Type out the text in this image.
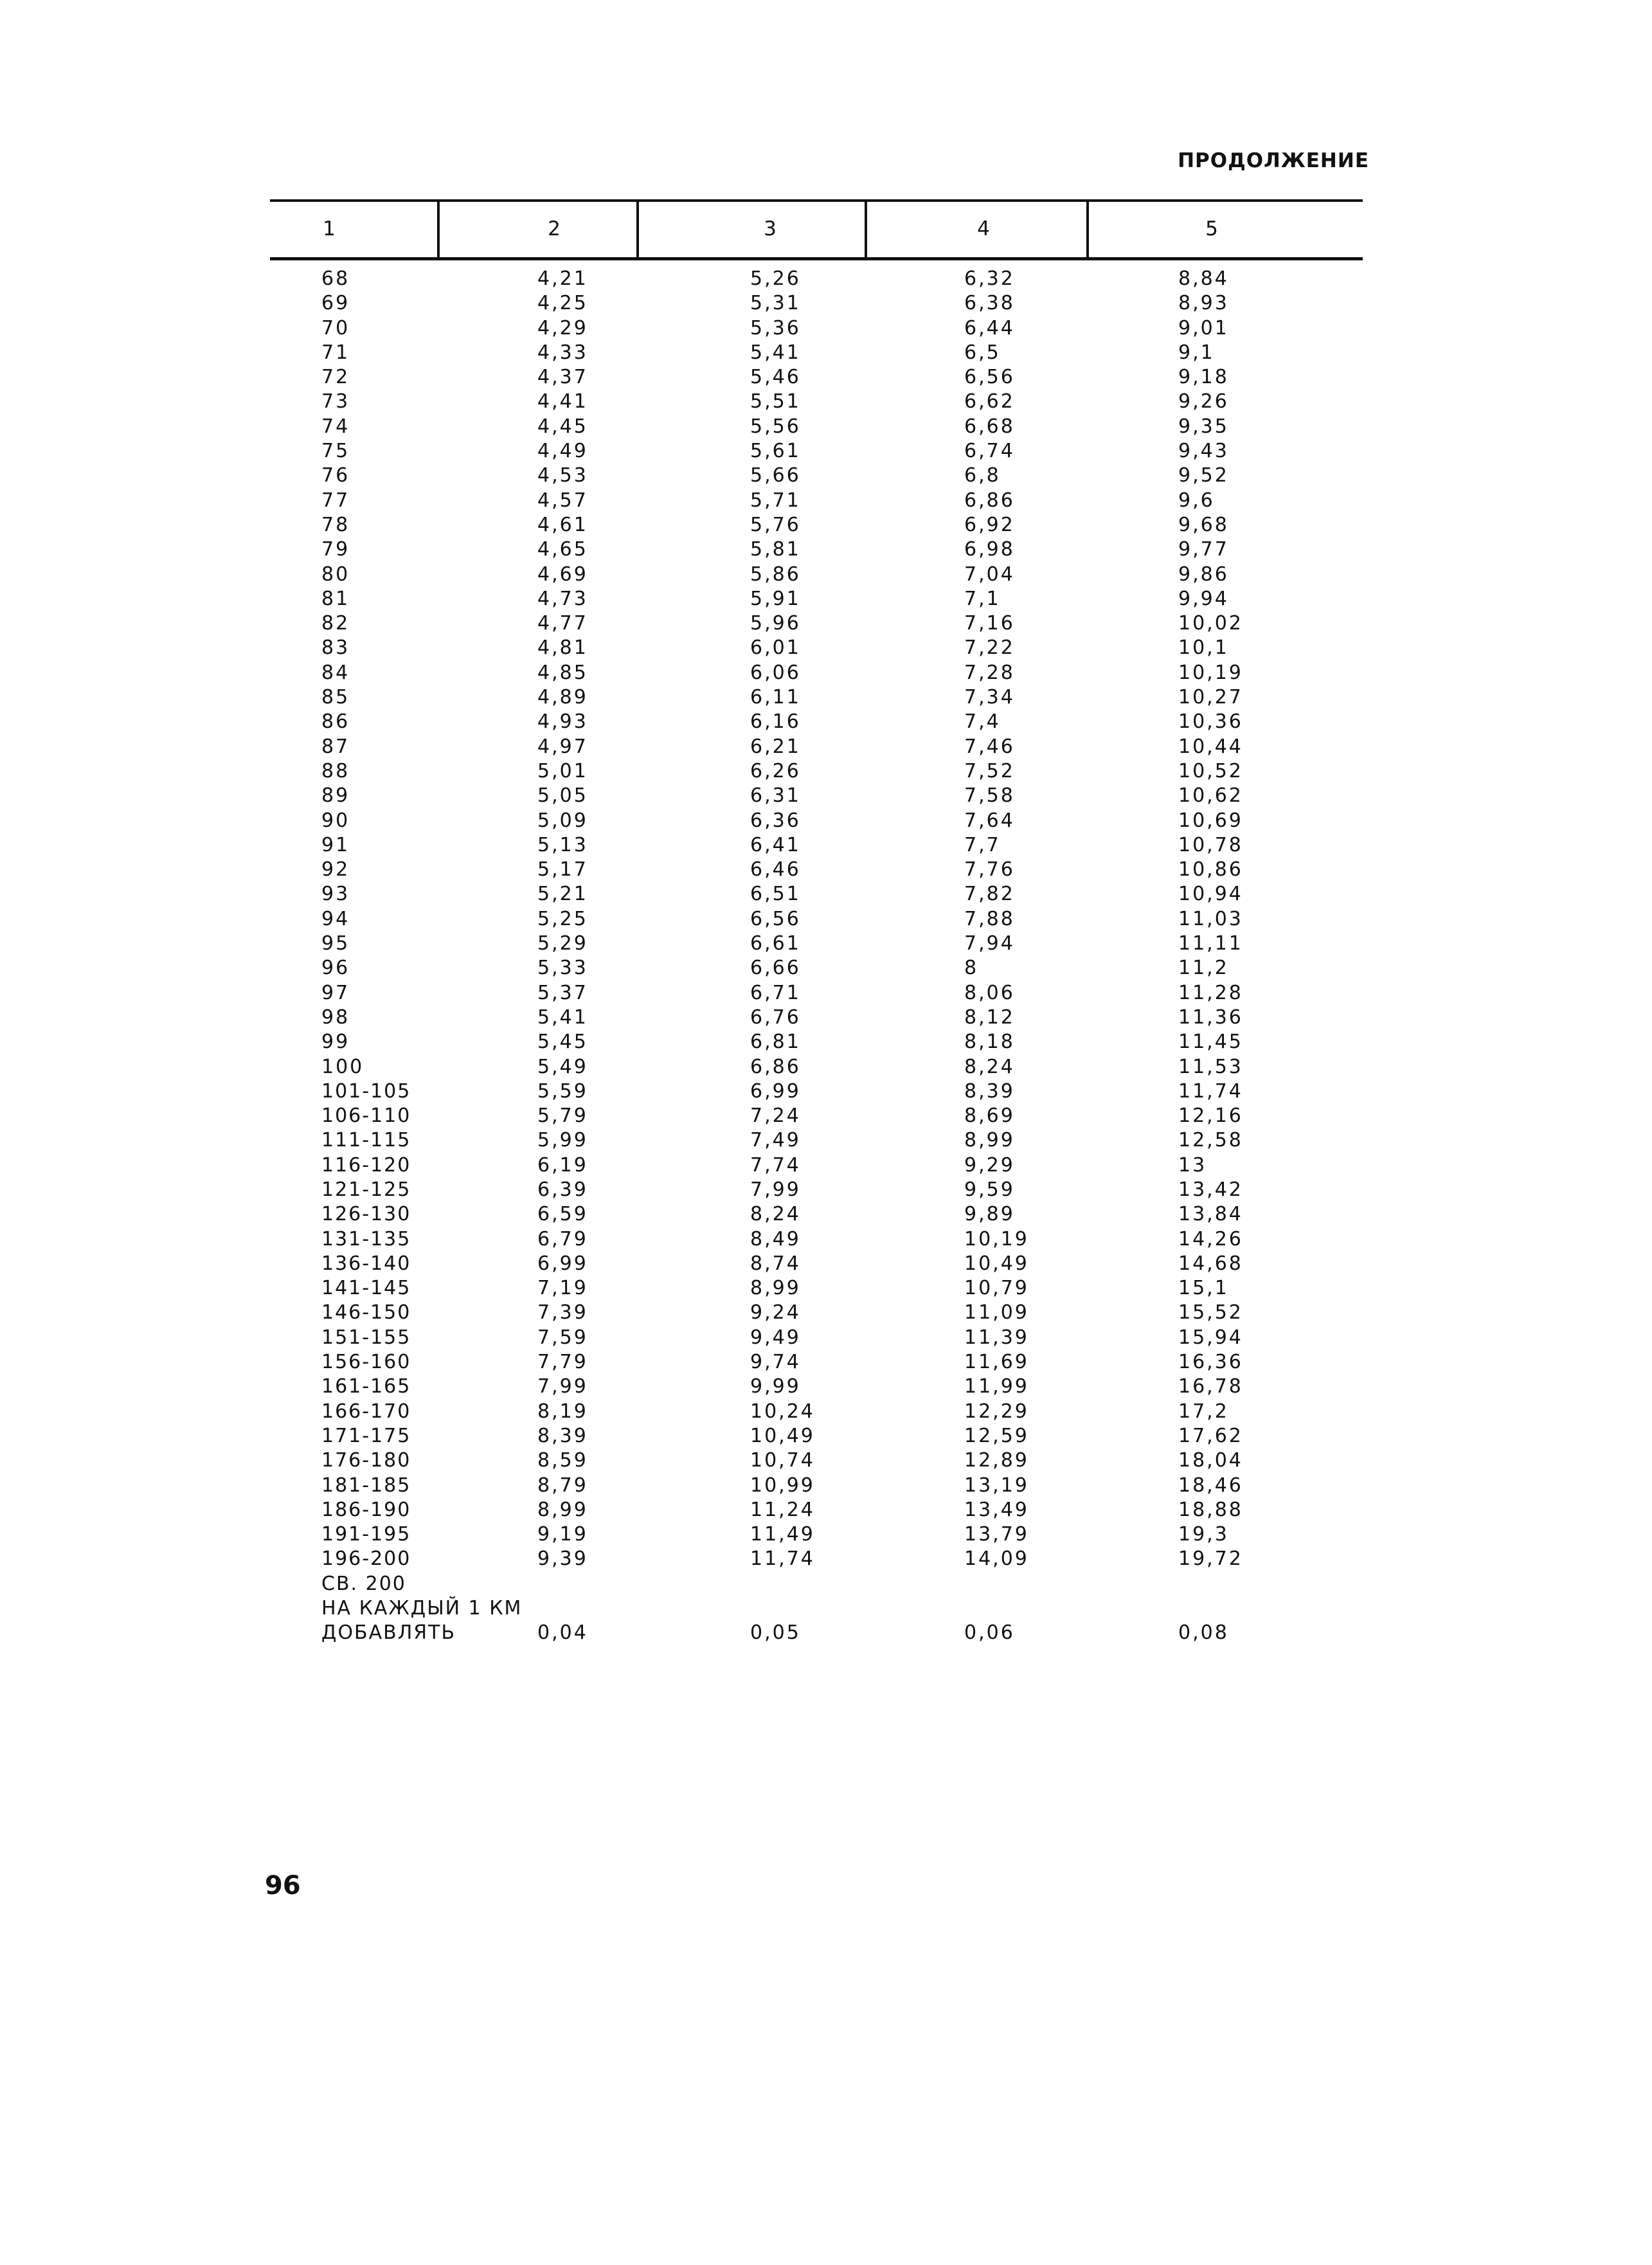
ПРОДОЛЖЕНИЕ
1	2	3	4	5
68	4,21	5,26	6,32	8,84
69	4,25	5,31	6,38	8,93
70	4,29	5,36	6,44	9,01
71	4,33	5,41	6,5	9,1
72	4,37	5,46	6,56	9,18
73	4,41	5,51	6,62	9,26
74	4,45	5,56	6,68	9,35
75	4,49	5,61	6,74	9,43
76	4,53	5,66	6,8	9,52
77	4,57	5,71	6,86	9,6
78	4,61	5,76	6,92	9,68
79	4,65	5,81	6,98	9,77
80	4,69	5,86	7,04	9,86
81	4,73	5,91	7,1	9,94
82	4,77	5,96	7,16	10,02
83	4,81	6,01	7,22	10,1
84	4,85	6,06	7,28	10,19
85	4,89	6,11	7,34	10,27
86	4,93	6,16	7,4	10,36
87	4,97	6,21	7,46	10,44
88	5,01	6,26	7,52	10,52
89	5,05	6,31	7,58	10,62
90	5,09	6,36	7,64	10,69
91	5,13	6,41	7,7	10,78
92	5,17	6,46	7,76	10,86
93	5,21	6,51	7,82	10,94
94	5,25	6,56	7,88	11,03
95	5,29	6,61	7,94	11,11
96	5,33	6,66	8	11,2
97	5,37	6,71	8,06	11,28
98	5,41	6,76	8,12	11,36
99	5,45	6,81	8,18	11,45
100	5,49	6,86	8,24	11,53
101-105	5,59	6,99	8,39	11,74
106-110	5,79	7,24	8,69	12,16
111-115	5,99	7,49	8,99	12,58
116-120	6,19	7,74	9,29	13
121-125	6,39	7,99	9,59	13,42
126-130	6,59	8,24	9,89	13,84
131-135	6,79	8,49	10,19	14,26
136-140	6,99	8,74	10,49	14,68
141-145	7,19	8,99	10,79	15,1
146-150	7,39	9,24	11,09	15,52
151-155	7,59	9,49	11,39	15,94
156-160	7,79	9,74	11,69	16,36
161-165	7,99	9,99	11,99	16,78
166-170	8,19	10,24	12,29	17,2
171-175	8,39	10,49	12,59	17,62
176-180	8,59	10,74	12,89	18,04
181-185	8,79	10,99	13,19	18,46
186-190	8,99	11,24	13,49	18,88
191-195	9,19	11,49	13,79	19,3
196-200	9,39	11,74	14,09	19,72
СВ. 200
НА КАЖДЫЙ 1 КМ
ДОБАВЛЯТЬ	0,04	0,05	0,06	0,08
96
